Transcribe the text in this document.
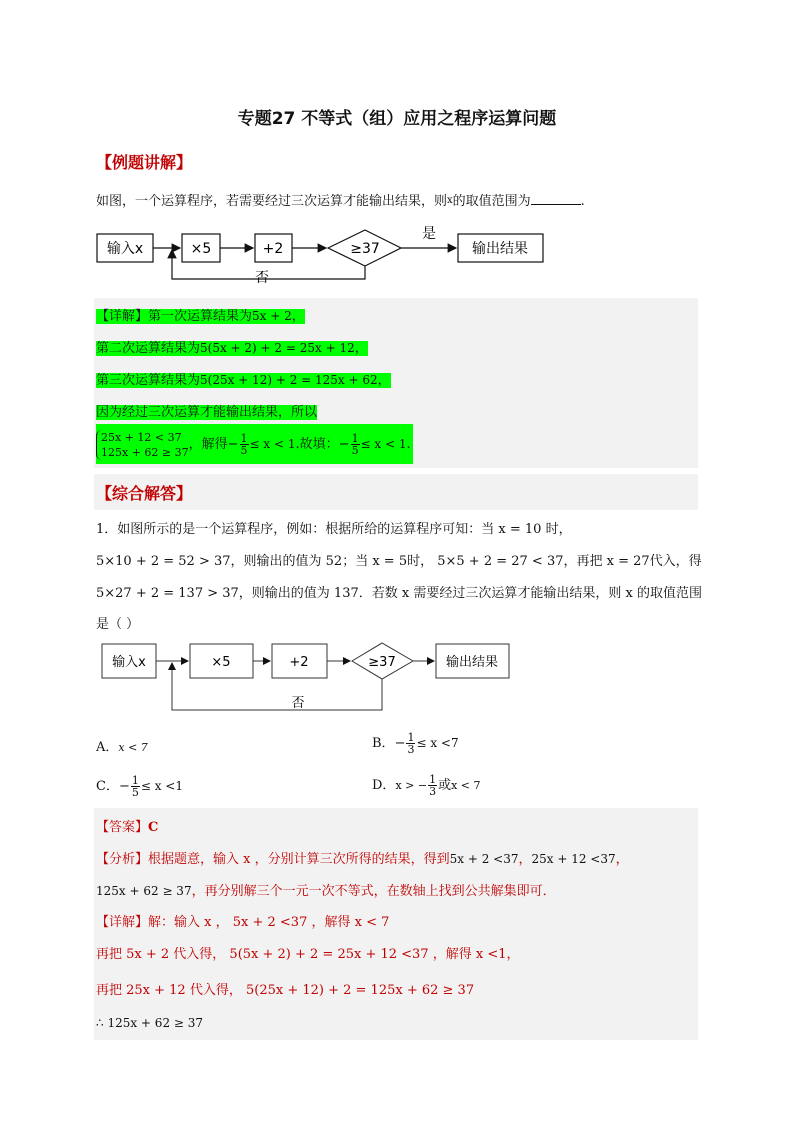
专题27 不等式（组）应用之程序运算问题
【例题讲解】
如图，一个运算程序，若需要经过三次运算才能输出结果，则x的取值范围为	.
输入x	×5	+2	≥37
是
输出结果
否
【详解】第一次运算结果为5x + 2，
第二次运算结果为5(5x + 2) + 2 = 25x + 12，
第三次运算结果为5(25x + 12) + 2 = 125x + 62，
因为经过三次运算才能输出结果，所以
25x + 12 < 37
125x + 62 ≥ 37 ，解得− $\frac{1}{5} \le x < 1$.故填：− $\frac{1}{5} \le x < 1$.
【综合解答】
1．如图所示的是一个运算程序，例如：根据所给的运算程序可知：当 x = 10 时，
5×10 + 2 = 52 > 37，则输出的值为 52；当 x = 5时， 5×5 + 2 = 27 < 37，再把 x = 27代入，得
5×27 + 2 = 137 > 37，则输出的值为 137．若数 x 需要经过三次运算才能输出结果，则 x 的取值范围
是（ ）
输入x	×5	+2	≥37	输出结果
否
A．x < 7	B．− $\frac{1}{3} \le x <7$
C．− $\frac{1}{5} \le x <1$	D．x > − $\frac{1}{3}$ 或x < 7
【答案】C
【分析】根据题意，输入 x ，分别计算三次所得的结果，得到5x + 2 <37，25x + 12 <37，
125x + 62 ≥ 37，再分别解三个一元一次不等式，在数轴上找到公共解集即可．
【详解】解：输入 x ， 5x + 2 <37 ，解得 x < 7
再把 5x + 2 代入得， 5(5x + 2) + 2 = 25x + 12 <37 ，解得 x <1，
再把 25x + 12 代入得， 5(25x + 12) + 2 = 125x + 62 ≥ 37
∴ 125x + 62 ≥ 37
